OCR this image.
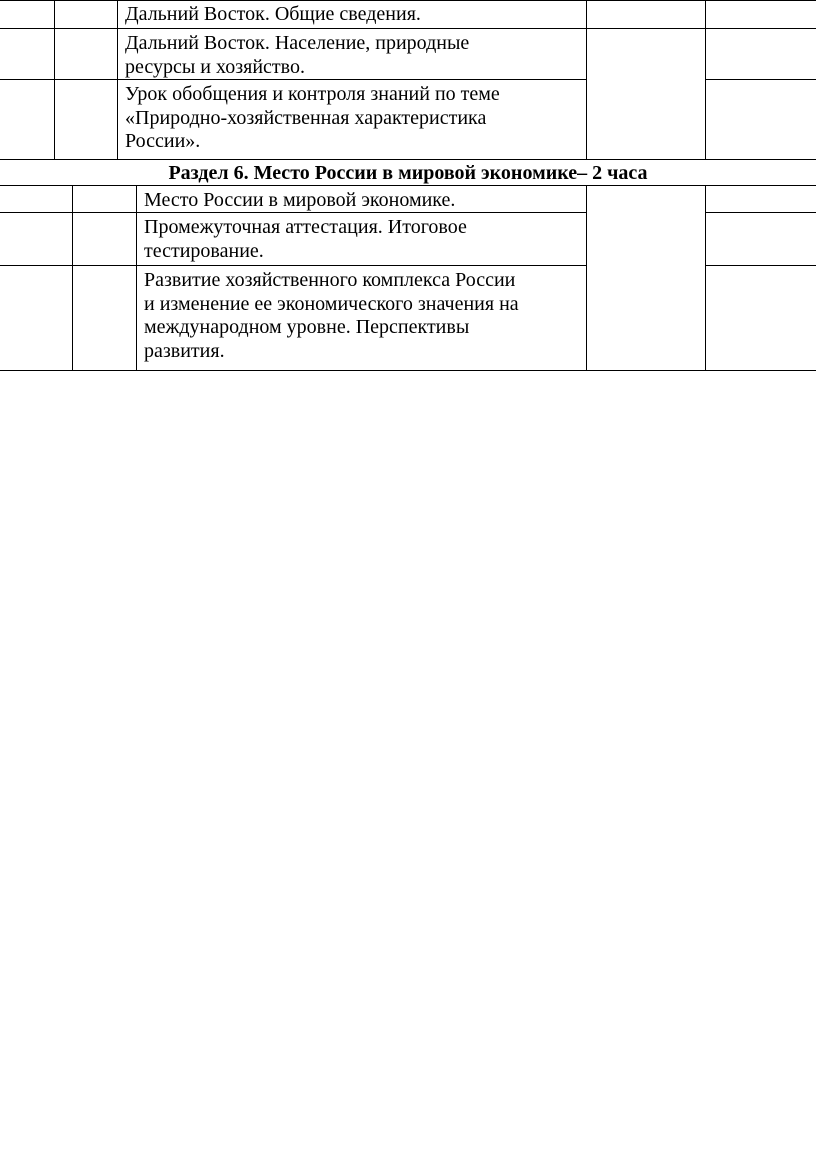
Дальний Восток. Общие сведения.
Дальний Восток. Население, природные
ресурсы и хозяйство.
Урок обобщения и контроля знаний по теме
«Природно-хозяйственная характеристика
России».
Раздел 6. Место России в мировой экономике– 2 часа
Место России в мировой экономике.
Промежуточная аттестация. Итоговое
тестирование.
Развитие хозяйственного комплекса России
и изменение ее экономического значения на
международном уровне. Перспективы
развития.
